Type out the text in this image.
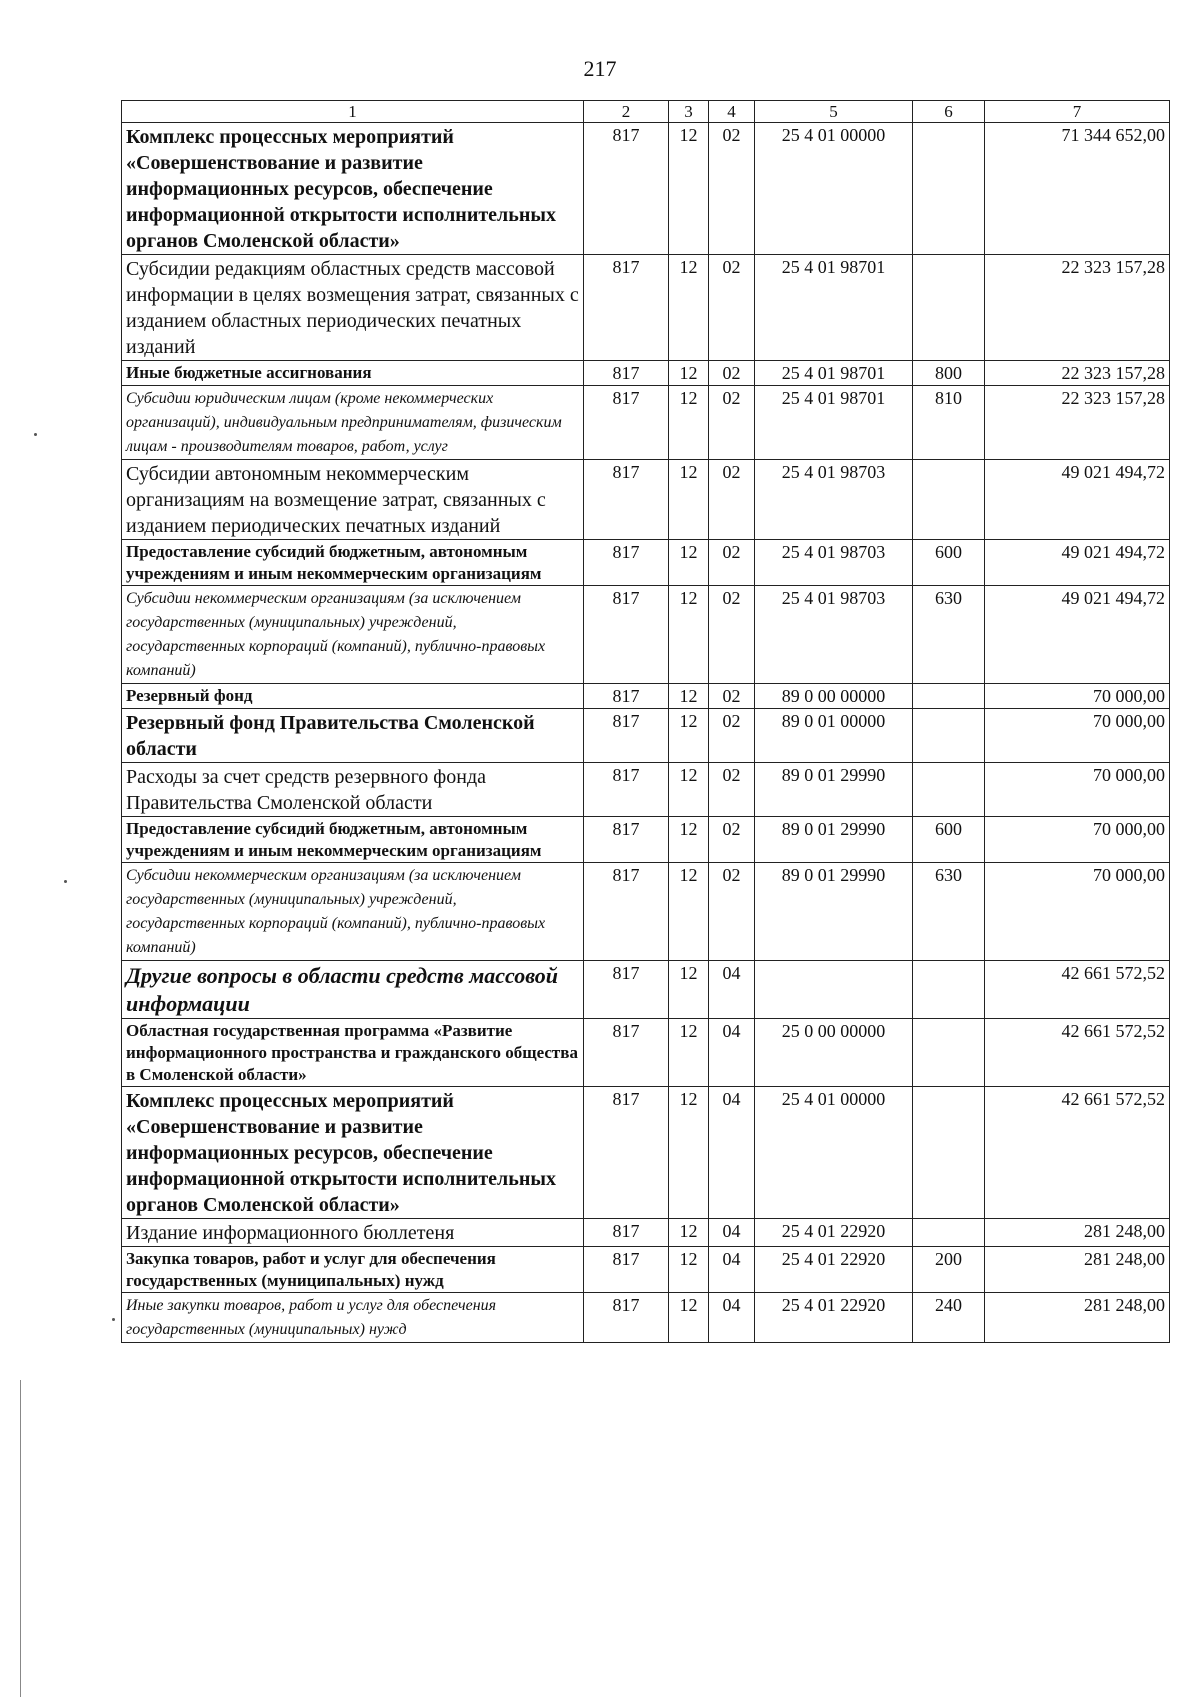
217
1	2	3	4	5	6	7
Комплекс процессных мероприятий «Совершенствование и развитие информационных ресурсов, обеспечение информационной открытости исполнительных органов Смоленской области»	817	12	02	25 4 01 00000		71 344 652,00
Субсидии редакциям областных средств массовой информации в целях возмещения затрат, связанных с изданием областных периодических печатных изданий	817	12	02	25 4 01 98701		22 323 157,28
Иные бюджетные ассигнования	817	12	02	25 4 01 98701	800	22 323 157,28
Субсидии юридическим лицам (кроме некоммерческих организаций), индивидуальным предпринимателям, физическим лицам - производителям товаров, работ, услуг	817	12	02	25 4 01 98701	810	22 323 157,28
Субсидии автономным некоммерческим организациям на возмещение затрат, связанных с изданием периодических печатных изданий	817	12	02	25 4 01 98703		49 021 494,72
Предоставление субсидий бюджетным, автономным учреждениям и иным некоммерческим организациям	817	12	02	25 4 01 98703	600	49 021 494,72
Субсидии некоммерческим организациям (за исключением государственных (муниципальных) учреждений, государственных корпораций (компаний), публично-правовых компаний)	817	12	02	25 4 01 98703	630	49 021 494,72
Резервный фонд	817	12	02	89 0 00 00000		70 000,00
Резервный фонд Правительства Смоленской области	817	12	02	89 0 01 00000		70 000,00
Расходы за счет средств резервного фонда Правительства Смоленской области	817	12	02	89 0 01 29990		70 000,00
Предоставление субсидий бюджетным, автономным учреждениям и иным некоммерческим организациям	817	12	02	89 0 01 29990	600	70 000,00
Субсидии некоммерческим организациям (за исключением государственных (муниципальных) учреждений, государственных корпораций (компаний), публично-правовых компаний)	817	12	02	89 0 01 29990	630	70 000,00
Другие вопросы в области средств массовой информации	817	12	04			42 661 572,52
Областная государственная программа «Развитие информационного пространства и гражданского общества в Смоленской области»	817	12	04	25 0 00 00000		42 661 572,52
Комплекс процессных мероприятий «Совершенствование и развитие информационных ресурсов, обеспечение информационной открытости исполнительных органов Смоленской области»	817	12	04	25 4 01 00000		42 661 572,52
Издание информационного бюллетеня	817	12	04	25 4 01 22920		281 248,00
Закупка товаров, работ и услуг для обеспечения государственных (муниципальных) нужд	817	12	04	25 4 01 22920	200	281 248,00
Иные закупки товаров, работ и услуг для обеспечения государственных (муниципальных) нужд	817	12	04	25 4 01 22920	240	281 248,00
